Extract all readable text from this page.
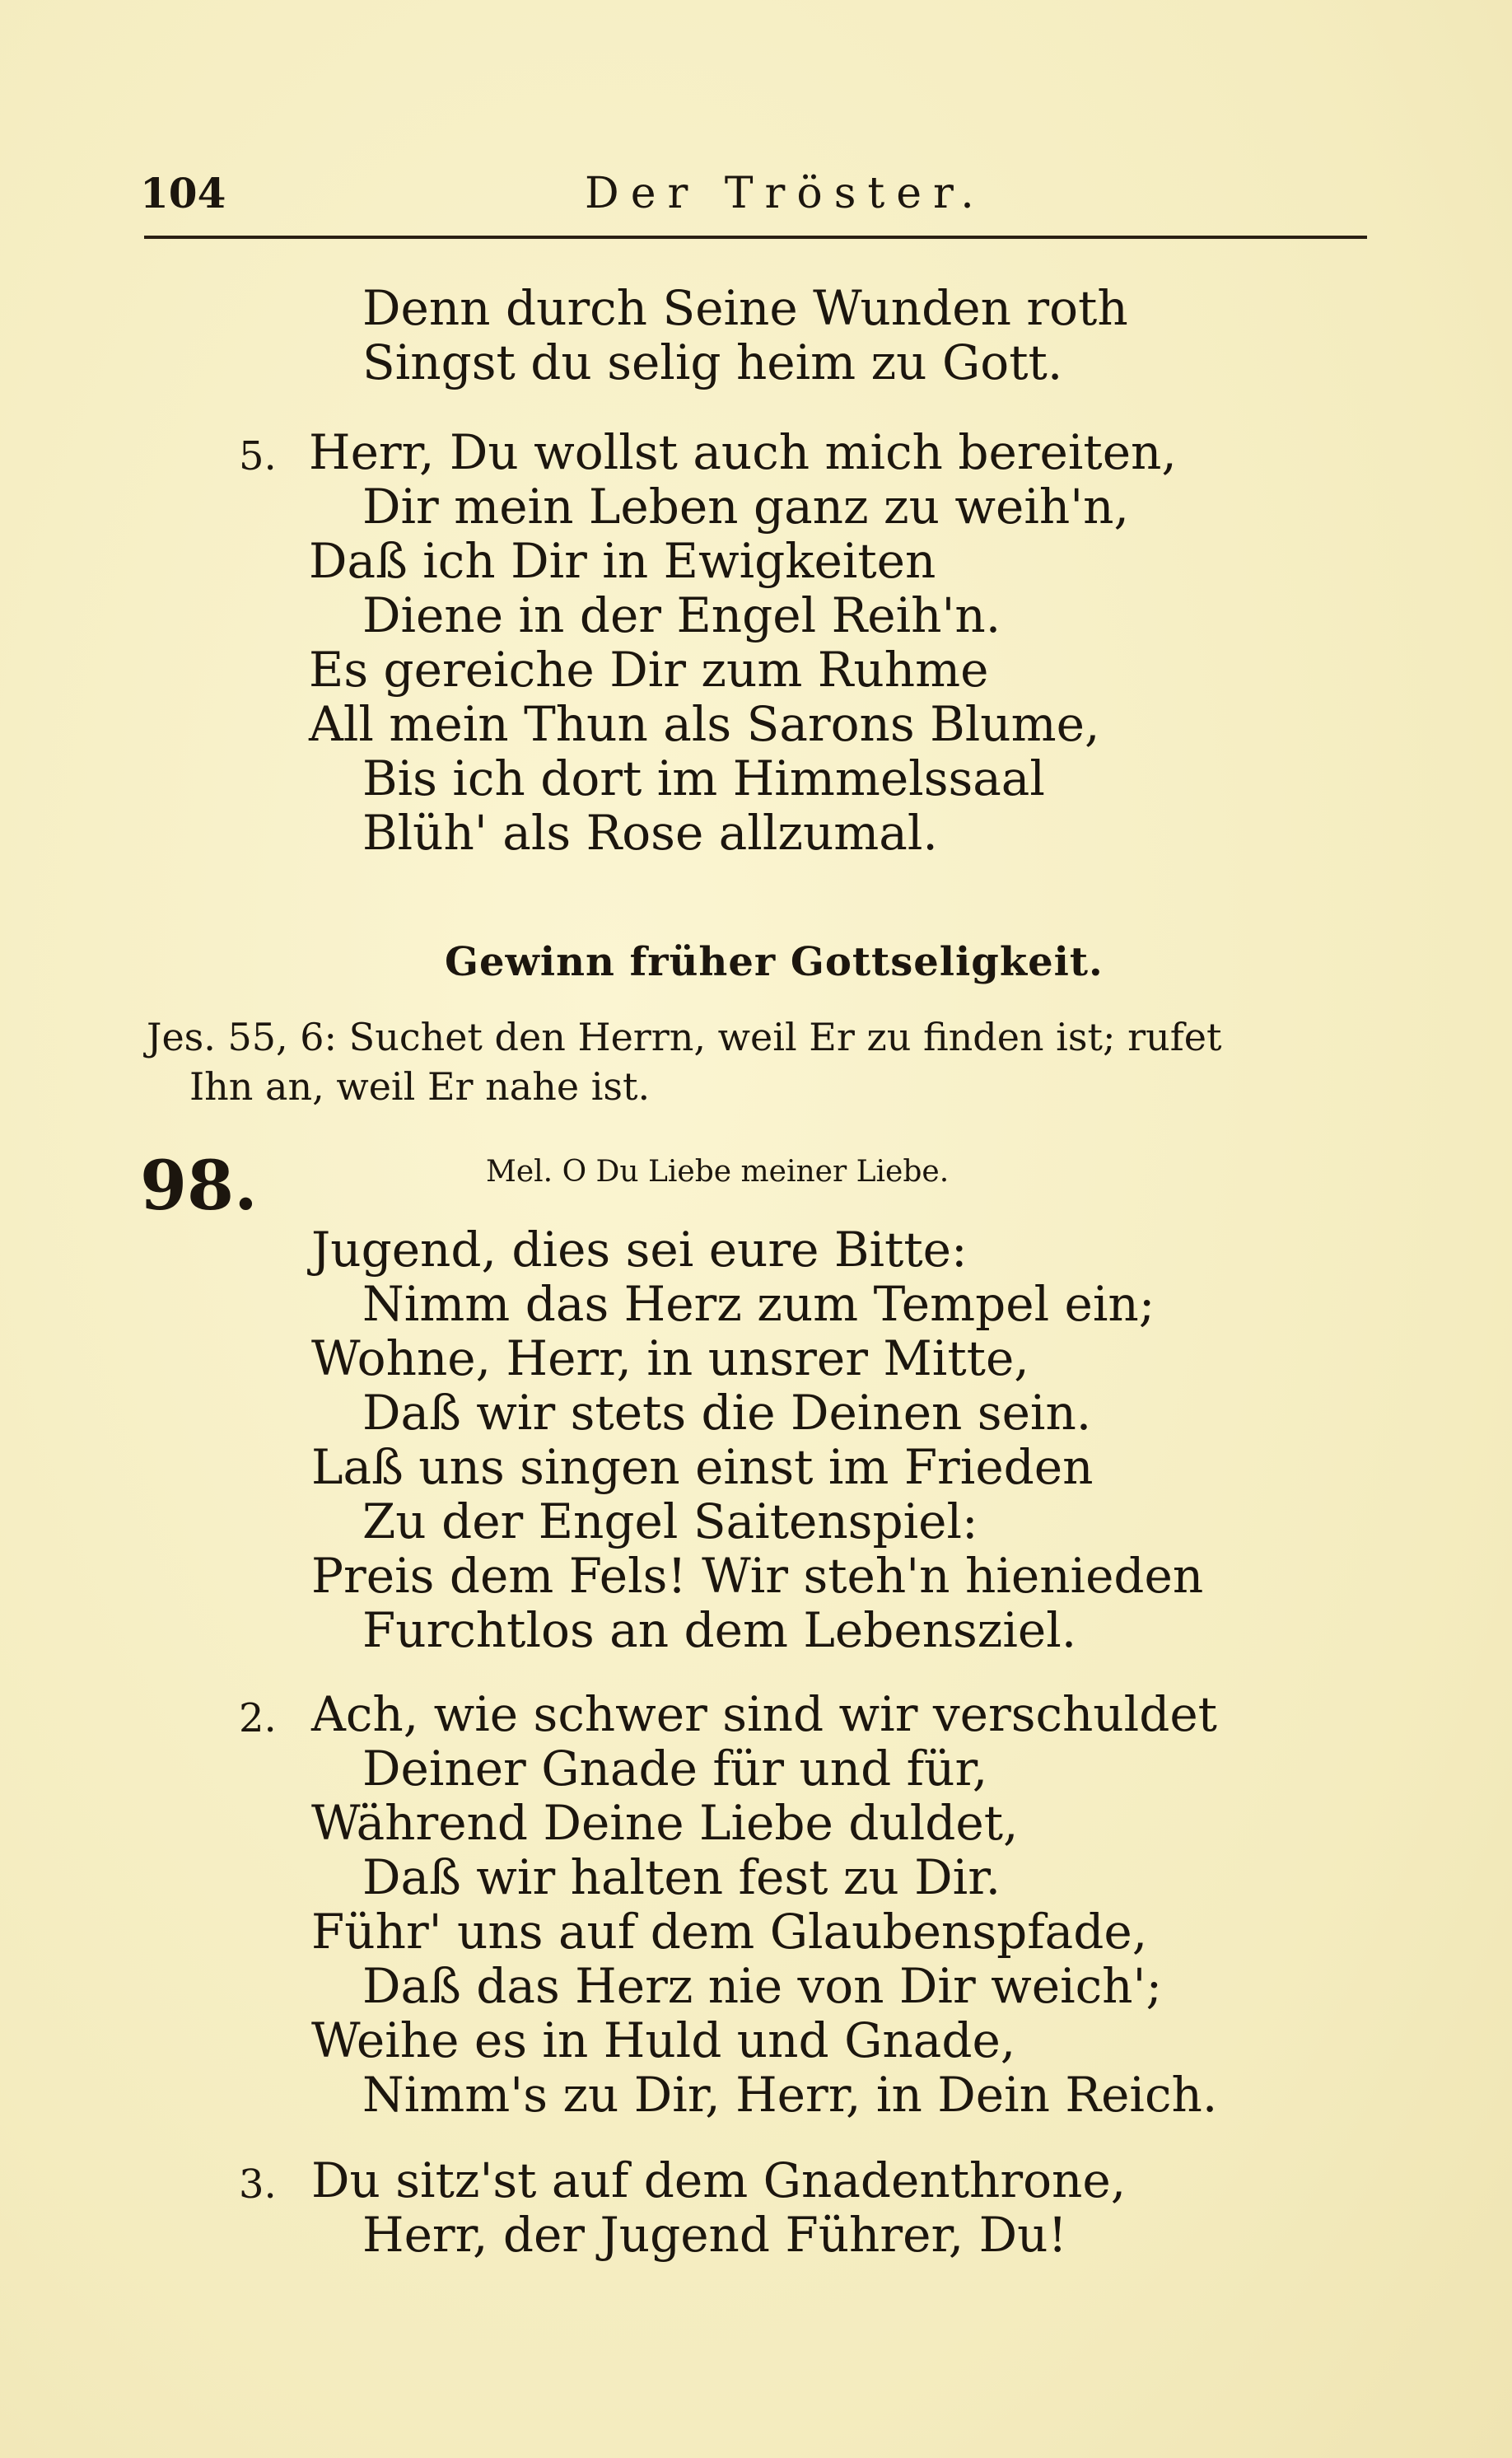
104	Der Tröster.
Denn durch Seine Wunden roth
Singst du selig heim zu Gott.
5. Herr, Du wollst auch mich bereiten,
Dir mein Leben ganz zu weih'n,
Daß ich Dir in Ewigkeiten
Diene in der Engel Reih'n.
Es gereiche Dir zum Ruhme
All mein Thun als Sarons Blume,
Bis ich dort im Himmelssaal
Blüh' als Rose allzumal.
Gewinn früher Gottseligkeit.
Jes. 55, 6: Suchet den Herrn, weil Er zu finden ist; rufet
Ihn an, weil Er nahe ist.
98.	Mel. O Du Liebe meiner Liebe.
Jugend, dies sei eure Bitte:
Nimm das Herz zum Tempel ein;
Wohne, Herr, in unsrer Mitte,
Daß wir stets die Deinen sein.
Laß uns singen einst im Frieden
Zu der Engel Saitenspiel:
Preis dem Fels! Wir steh'n hienieden
Furchtlos an dem Lebensziel.
2. Ach, wie schwer sind wir verschuldet
Deiner Gnade für und für,
Während Deine Liebe duldet,
Daß wir halten fest zu Dir.
Führ' uns auf dem Glaubenspfade,
Daß das Herz nie von Dir weich';
Weihe es in Huld und Gnade,
Nimm's zu Dir, Herr, in Dein Reich.
3. Du sitz'st auf dem Gnadenthrone,
Herr, der Jugend Führer, Du!
